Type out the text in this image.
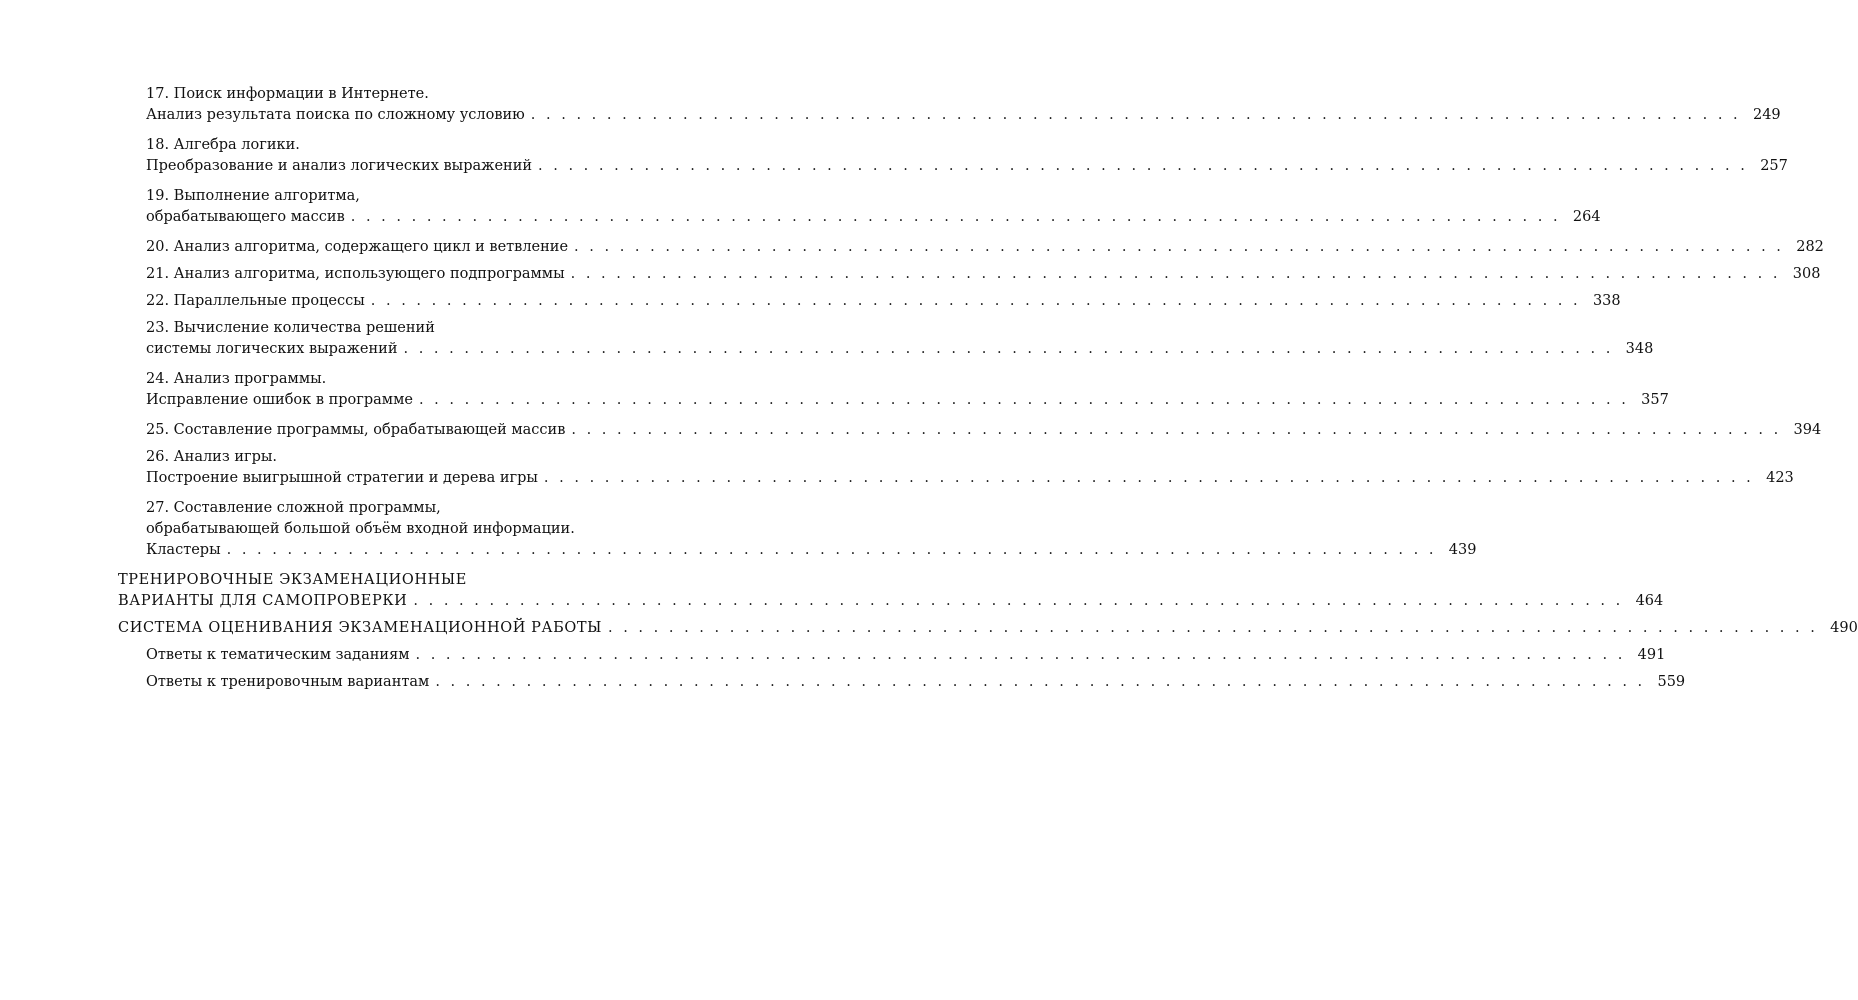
17. Поиск информации в Интернете.
Анализ результата поиска по сложному условию . . . . . . . . . . . . . . . . . . . . . . . . . . . . . . . . . . . . . . . . . . . . . . . . . . . . . . . . . . . . . . . . . . . . . . . . . . . . . . . . 249
18. Алгебра логики.
Преобразование и анализ логических выражений . . . . . . . . . . . . . . . . . . . . . . . . . . . . . . . . . . . . . . . . . . . . . . . . . . . . . . . . . . . . . . . . . . . . . . . . . . . . . . . . 257
19. Выполнение алгоритма,
обрабатывающего массив . . . . . . . . . . . . . . . . . . . . . . . . . . . . . . . . . . . . . . . . . . . . . . . . . . . . . . . . . . . . . . . . . . . . . . . . . . . . . . . . 264
20. Анализ алгоритма, содержащего цикл и ветвление . . . . . . . . . . . . . . . . . . . . . . . . . . . . . . . . . . . . . . . . . . . . . . . . . . . . . . . . . . . . . . . . . . . . . . . . . . . . . . . . 282
21. Анализ алгоритма, использующего подпрограммы . . . . . . . . . . . . . . . . . . . . . . . . . . . . . . . . . . . . . . . . . . . . . . . . . . . . . . . . . . . . . . . . . . . . . . . . . . . . . . . . 308
22. Параллельные процессы . . . . . . . . . . . . . . . . . . . . . . . . . . . . . . . . . . . . . . . . . . . . . . . . . . . . . . . . . . . . . . . . . . . . . . . . . . . . . . . . 338
23. Вычисление количества решений
системы логических выражений . . . . . . . . . . . . . . . . . . . . . . . . . . . . . . . . . . . . . . . . . . . . . . . . . . . . . . . . . . . . . . . . . . . . . . . . . . . . . . . . 348
24. Анализ программы.
Исправление ошибок в программе . . . . . . . . . . . . . . . . . . . . . . . . . . . . . . . . . . . . . . . . . . . . . . . . . . . . . . . . . . . . . . . . . . . . . . . . . . . . . . . . 357
25. Составление программы, обрабатывающей массив . . . . . . . . . . . . . . . . . . . . . . . . . . . . . . . . . . . . . . . . . . . . . . . . . . . . . . . . . . . . . . . . . . . . . . . . . . . . . . . . 394
26. Анализ игры.
Построение выигрышной стратегии и дерева игры . . . . . . . . . . . . . . . . . . . . . . . . . . . . . . . . . . . . . . . . . . . . . . . . . . . . . . . . . . . . . . . . . . . . . . . . . . . . . . . . 423
27. Составление сложной программы,
обрабатывающей большой объём входной информации.
Кластеры . . . . . . . . . . . . . . . . . . . . . . . . . . . . . . . . . . . . . . . . . . . . . . . . . . . . . . . . . . . . . . . . . . . . . . . . . . . . . . . . 439
ТРЕНИРОВОЧНЫЕ ЭКЗАМЕНАЦИОННЫЕ
ВАРИАНТЫ ДЛЯ САМОПРОВЕРКИ . . . . . . . . . . . . . . . . . . . . . . . . . . . . . . . . . . . . . . . . . . . . . . . . . . . . . . . . . . . . . . . . . . . . . . . . . . . . . . . . 464
СИСТЕМА ОЦЕНИВАНИЯ ЭКЗАМЕНАЦИОННОЙ РАБОТЫ . . . . . . . . . . . . . . . . . . . . . . . . . . . . . . . . . . . . . . . . . . . . . . . . . . . . . . . . . . . . . . . . . . . . . . . . . . . . . . . . 490
Ответы к тематическим заданиям . . . . . . . . . . . . . . . . . . . . . . . . . . . . . . . . . . . . . . . . . . . . . . . . . . . . . . . . . . . . . . . . . . . . . . . . . . . . . . . . 491
Ответы к тренировочным вариантам . . . . . . . . . . . . . . . . . . . . . . . . . . . . . . . . . . . . . . . . . . . . . . . . . . . . . . . . . . . . . . . . . . . . . . . . . . . . . . . . 559
